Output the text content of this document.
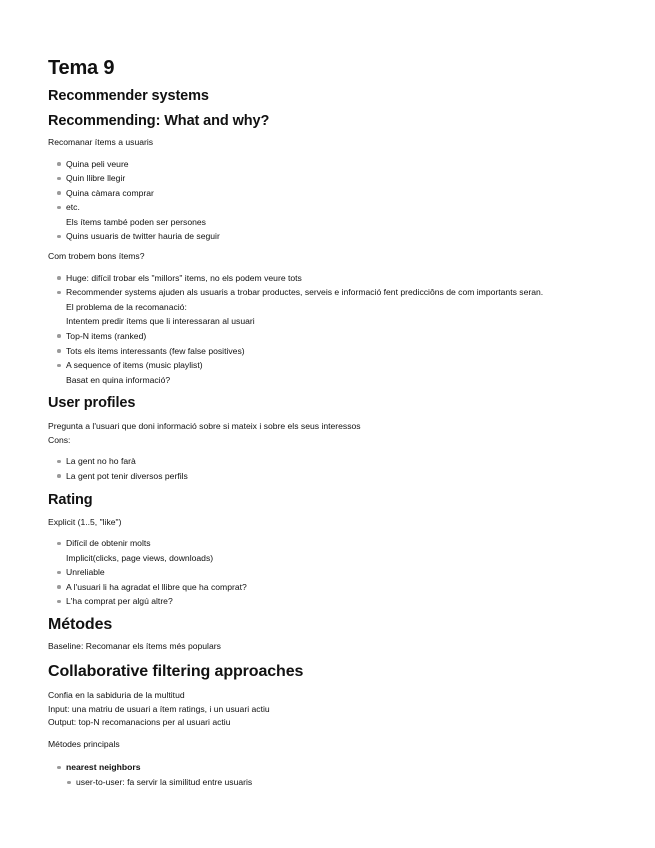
Tema 9
Recommender systems
Recommending: What and why?

Recomanar ítems a usuaris

Quina peli veure
Quin llibre llegir
Quina càmara comprar
etc.
Els ítems també poden ser persones
Quins usuaris de twitter hauria de seguir

Com trobem bons ítems?

Huge: difícil trobar els "millors" items, no els podem veure tots
Recommender systems ajuden als usuaris a trobar productes, serveis e informació fent predicciôns de com importants seran.
El problema de la recomanació:
Intentem predir ítems que li interessaran al usuari
Top-N items (ranked)
Tots els items interessants (few false positives)
A sequence of items (music playlist)
Basat en quina informació?
User profiles

Pregunta a l'usuari que doni informació sobre si mateix i sobre els seus interessos

Cons:

La gent no ho farà
La gent pot tenir diversos perfils
Rating

Explicit (1..5, "like")

Difícil de obtenir molts
Implicit(clicks, page views, downloads)
Unreliable
A l'usuari li ha agradat el llibre que ha comprat?
L'ha comprat per algú altre?
Métodes

Baseline: Recomanar els ítems més populars

Collaborative filtering approaches

Confia en la sabiduria de la multitud

Input: una matriu de usuari a ítem ratings, i un usuari actiu

Output: top-N recomanacions per al usuari actiu

Métodes principals

nearest neighbors
user-to-user: fa servir la similitud entre usuaris
